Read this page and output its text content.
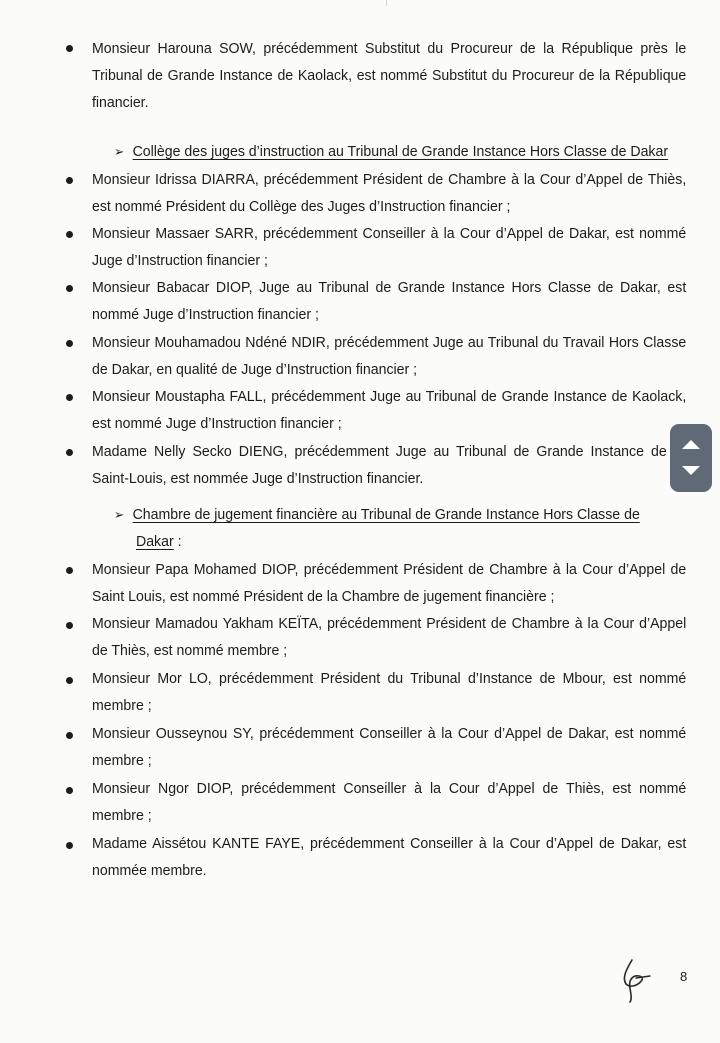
Monsieur Harouna SOW, précédemment Substitut du Procureur de la République près le Tribunal de Grande Instance de Kaolack, est nommé Substitut du Procureur de la République financier.
➢ Collège des juges d’instruction au Tribunal de Grande Instance Hors Classe de Dakar
Monsieur Idrissa DIARRA, précédemment Président de Chambre à la Cour d’Appel de Thiès, est nommé Président du Collège des Juges d’Instruction financier ;
Monsieur Massaer SARR, précédemment Conseiller à la Cour d’Appel de Dakar, est nommé Juge d’Instruction financier ;
Monsieur Babacar DIOP, Juge au Tribunal de Grande Instance Hors Classe de Dakar, est nommé Juge d’Instruction financier ;
Monsieur Mouhamadou Ndéné NDIR, précédemment Juge au Tribunal du Travail Hors Classe de Dakar, en qualité de Juge d’Instruction financier ;
Monsieur Moustapha FALL, précédemment Juge au Tribunal de Grande Instance de Kaolack, est nommé Juge d’Instruction financier ;
Madame Nelly Secko DIENG, précédemment Juge au Tribunal de Grande Instance de Saint-Louis, est nommée Juge d’Instruction financier.
➢ Chambre de jugement financière au Tribunal de Grande Instance Hors Classe de
Dakar :
Monsieur Papa Mohamed DIOP, précédemment Président de Chambre à la Cour d’Appel de Saint Louis, est nommé Président de la Chambre de jugement financière ;
Monsieur Mamadou Yakham KEÏTA, précédemment Président de Chambre à la Cour d’Appel de Thiès, est nommé membre ;
Monsieur Mor LO, précédemment Président du Tribunal d’Instance de Mbour, est nommé membre ;
Monsieur Ousseynou SY, précédemment Conseiller à la Cour d’Appel de Dakar, est nommé membre ;
Monsieur Ngor DIOP, précédemment Conseiller à la Cour d’Appel de Thiès, est nommé membre ;
Madame Aissétou KANTE FAYE, précédemment Conseiller à la Cour d’Appel de Dakar, est nommée membre.
8
